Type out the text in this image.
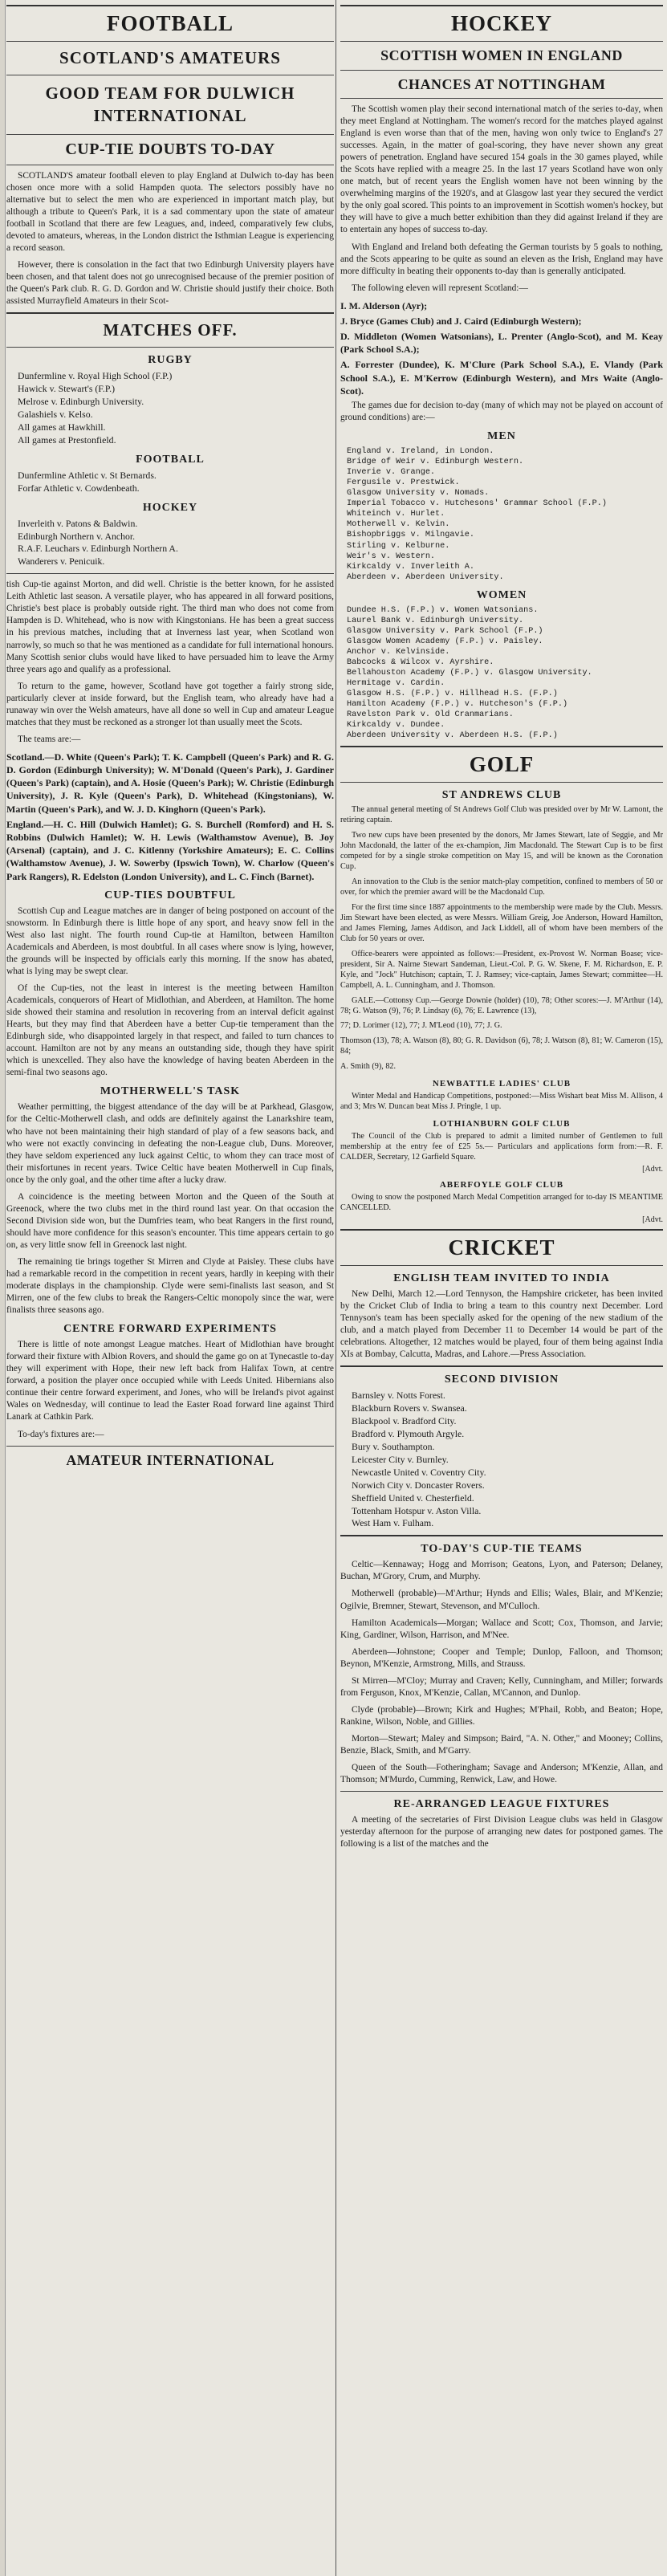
FOOTBALL
SCOTLAND'S AMATEURS
GOOD TEAM FOR DULWICH INTERNATIONAL
CUP-TIE DOUBTS TO-DAY

SCOTLAND'S amateur football eleven to play England at Dulwich to-day has been chosen once more with a solid Hampden quota. The selectors possibly have no alternative but to select the men who are experienced in important match play, but although a tribute to Queen's Park, it is a sad commentary upon the state of amateur football in Scotland that there are few Leagues, and, indeed, comparatively few clubs, devoted to amateurs, whereas, in the London district the Isthmian League is experiencing a record season.

However, there is consolation in the fact that two Edinburgh University players have been chosen, and that talent does not go unrecognised because of the premier position of the Queen's Park club. R. G. D. Gordon and W. Christie should justify their choice. Both assisted Murrayfield Amateurs in their Scot-

MATCHES OFF.
RUGBY
Dunfermline v. Royal High School (F.P.)
Hawick v. Stewart's (F.P.)
Melrose v. Edinburgh University.
Galashiels v. Kelso.
All games at Hawkhill.
All games at Prestonfield.
FOOTBALL
Dunfermline Athletic v. St Bernards.
Forfar Athletic v. Cowdenbeath.
HOCKEY
Inverleith v. Patons & Baldwin.
Edinburgh Northern v. Anchor.
R.A.F. Leuchars v. Edinburgh Northern A.
Wanderers v. Penicuik.

tish Cup-tie against Morton, and did well. Christie is the better known, for he assisted Leith Athletic last season. A versatile player, who has appeared in all forward positions, Christie's best place is probably outside right. The third man who does not come from Hampden is D. Whitehead, who is now with Kingstonians. He has been a great success in his previous matches, including that at Inverness last year, when Scotland won narrowly, so much so that he was mentioned as a candidate for full international honours. Many Scottish senior clubs would have liked to have persuaded him to leave the Army three years ago and qualify as a professional.

To return to the game, however, Scotland have got together a fairly strong side, particularly clever at inside forward, but the English team, who already have had a runaway win over the Welsh amateurs, have all done so well in Cup and amateur League matches that they must be reckoned as a stronger lot than usually meet the Scots.

The teams are:—

Scotland.—D. White (Queen's Park); T. K. Campbell (Queen's Park) and R. G. D. Gordon (Edinburgh University); W. M'Donald (Queen's Park), J. Gardiner (Queen's Park) (captain), and A. Hosie (Queen's Park); W. Christie (Edinburgh University), J. R. Kyle (Queen's Park), D. Whitehead (Kingstonians), W. Martin (Queen's Park), and W. J. D. Kinghorn (Queen's Park).
England.—H. C. Hill (Dulwich Hamlet); G. S. Burchell (Romford) and H. S. Robbins (Dulwich Hamlet); W. H. Lewis (Walthamstow Avenue), B. Joy (Arsenal) (captain), and J. C. Kitlenny (Yorkshire Amateurs); E. C. Collins (Walthamstow Avenue), J. W. Sowerby (Ipswich Town), W. Charlow (Queen's Park Rangers), R. Edelston (London University), and L. C. Finch (Barnet).
CUP-TIES DOUBTFUL

Scottish Cup and League matches are in danger of being postponed on account of the snowstorm. In Edinburgh there is little hope of any sport, and heavy snow fell in the West also last night. The fourth round Cup-tie at Hamilton, between Hamilton Academicals and Aberdeen, is most doubtful. In all cases where snow is lying, however, the grounds will be inspected by officials early this morning. If the snow has abated, what is lying may be swept clear.

Of the Cup-ties, not the least in interest is the meeting between Hamilton Academicals, conquerors of Heart of Midlothian, and Aberdeen, at Hamilton. The home side showed their stamina and resolution in recovering from an interval deficit against Hearts, but they may find that Aberdeen have a better Cup-tie temperament than the Edinburgh side, who disappointed largely in that respect, and failed to turn chances to account. Hamilton are not by any means an outstanding side, though they have spirit which is unexcelled. They also have the knowledge of having beaten Aberdeen in the semi-final two seasons ago.

MOTHERWELL'S TASK

Weather permitting, the biggest attendance of the day will be at Parkhead, Glasgow, for the Celtic-Motherwell clash, and odds are definitely against the Lanarkshire team, who have not been maintaining their high standard of play of a few seasons back, and who were not exactly convincing in defeating the non-League club, Duns. Moreover, they have seldom experienced any luck against Celtic, to whom they can trace most of their misfortunes in recent years. Twice Celtic have beaten Motherwell in Cup finals, once by the only goal, and the other time after a lucky draw.

A coincidence is the meeting between Morton and the Queen of the South at Greenock, where the two clubs met in the third round last year. On that occasion the Second Division side won, but the Dumfries team, who beat Rangers in the first round, should have more confidence for this season's encounter. This time appears certain to go on, as very little snow fell in Greenock last night.

The remaining tie brings together St Mirren and Clyde at Paisley. These clubs have had a remarkable record in the competition in recent years, hardly in keeping with their moderate displays in the championship. Clyde were semi-finalists last season, and St Mirren, one of the few clubs to break the Rangers-Celtic monopoly since the war, were finalists three seasons ago.

CENTRE FORWARD EXPERIMENTS

There is little of note amongst League matches. Heart of Midlothian have brought forward their fixture with Albion Rovers, and should the game go on at Tynecastle to-day they will experiment with Hope, their new left back from Halifax Town, at centre forward, a position the player once occupied while with Leeds United. Hibernians also continue their centre forward experiment, and Jones, who will be Ireland's pivot against Wales on Wednesday, will continue to lead the Easter Road forward line against Third Lanark at Cathkin Park.

To-day's fixtures are:—

AMATEUR INTERNATIONAL
HOCKEY
SCOTTISH WOMEN IN ENGLAND
CHANCES AT NOTTINGHAM

The Scottish women play their second international match of the series to-day, when they meet England at Nottingham. The women's record for the matches played against England is even worse than that of the men, having won only twice to England's 27 successes. Again, in the matter of goal-scoring, they have never shown any great powers of penetration. England have secured 154 goals in the 30 games played, while the Scots have replied with a meagre 25. In the last 17 years Scotland have won only one match, but of recent years the English women have not been winning by the overwhelming margins of the 1920's, and at Glasgow last year they secured the verdict by the only goal scored. This points to an improvement in Scottish women's hockey, but they will have to give a much better exhibition than they did against Ireland if they are to entertain any hopes of success to-day.

With England and Ireland both defeating the German tourists by 5 goals to nothing, and the Scots appearing to be quite as sound an eleven as the Irish, England may have more difficulty in beating their opponents to-day than is generally anticipated.

The following eleven will represent Scotland:—

I. M. Alderson (Ayr);
J. Bryce (Games Club) and J. Caird (Edinburgh Western);
D. Middleton (Women Watsonians), L. Prenter (Anglo-Scot), and M. Keay (Park School S.A.);
A. Forrester (Dundee), K. M'Clure (Park School S.A.), E. Vlandy (Park School S.A.), E. M'Kerrow (Edinburgh Western), and Mrs Waite (Anglo-Scot).

The games due for decision to-day (many of which may not be played on account of ground conditions) are:—

MEN
England v. Ireland, in London.
Bridge of Weir v. Edinburgh Western.
Inverie v. Grange.
Fergusile v. Prestwick.
Glasgow University v. Nomads.
Imperial Tobacco v. Hutchesons' Grammar School (F.P.)
Whiteinch v. Hurlet.
Motherwell v. Kelvin.
Bishopbriggs v. Milngavie.
Stirling v. Kelburne.
Weir's v. Western.
Kirkcaldy v. Inverleith A.
Aberdeen v. Aberdeen University.
WOMEN
Dundee H.S. (F.P.) v. Women Watsonians.
Laurel Bank v. Edinburgh University.
Glasgow University v. Park School (F.P.)
Glasgow Women Academy (F.P.) v. Paisley.
Anchor v. Kelvinside.
Babcocks & Wilcox v. Ayrshire.
Bellahouston Academy (F.P.) v. Glasgow University.
Hermitage v. Cardin.
Glasgow H.S. (F.P.) v. Hillhead H.S. (F.P.)
Hamilton Academy (F.P.) v. Hutcheson's (F.P.)
Ravelston Park v. Old Cranmarians.
Kirkcaldy v. Dundee.
Aberdeen University v. Aberdeen H.S. (F.P.)
GOLF
ST ANDREWS CLUB

The annual general meeting of St Andrews Golf Club was presided over by Mr W. Lamont, the retiring captain.

Two new cups have been presented by the donors, Mr James Stewart, late of Seggie, and Mr John Macdonald, the latter of the ex-champion, Jim Macdonald. The Stewart Cup is to be first competed for by a single stroke competition on May 15, and will be known as the Coronation Cup.

An innovation to the Club is the senior match-play competition, confined to members of 50 or over, for which the premier award will be the Macdonald Cup.

For the first time since 1887 appointments to the membership were made by the Club. Messrs. Jim Stewart have been elected, as were Messrs. William Greig, Joe Anderson, Howard Hamilton, and James Fleming, James Addison, and Jack Liddell, all of whom have been members of the Club for 50 years or over.

Office-bearers were appointed as follows:—President, ex-Provost W. Norman Boase; vice-president, Sir A. Nairne Stewart Sandeman, Lieut.-Col. P. G. W. Skene, F. M. Richardson, E. P. Kyle, and "Jock" Hutchison; captain, T. J. Ramsey; vice-captain, James Stewart; committee—H. Campbell, A. L. Cunningham, and J. Thomson.

GALE.—Cottonsy Cup.—George Downie (holder) (10), 78; Other scores:—J. M'Arthur (14), 78; G. Watson (9), 76; P. Lindsay (6), 76; E. Lawrence (13),

77; D. Lorimer (12), 77; J. M'Leod (10), 77; J. G.

Thomson (13), 78; A. Watson (8), 80; G. R. Davidson (6), 78; J. Watson (8), 81; W. Cameron (15), 84;

A. Smith (9), 82.

NEWBATTLE LADIES' CLUB

Winter Medal and Handicap Competitions, postponed:—Miss Wishart beat Miss M. Allison, 4 and 3; Mrs W. Duncan beat Miss J. Pringle, 1 up.

LOTHIANBURN GOLF CLUB

The Council of the Club is prepared to admit a limited number of Gentlemen to full membership at the entry fee of £25 5s.— Particulars and applications form from:—R. F. CALDER, Secretary, 12 Garfield Square.

[Advt.
ABERFOYLE GOLF CLUB

Owing to snow the postponed March Medal Competition arranged for to-day IS MEANTIME CANCELLED.

[Advt.
CRICKET
ENGLISH TEAM INVITED TO INDIA

New Delhi, March 12.—Lord Tennyson, the Hampshire cricketer, has been invited by the Cricket Club of India to bring a team to this country next December. Lord Tennyson's team has been specially asked for the opening of the new stadium of the club, and a match played from December 11 to December 14 would be part of the celebrations. Altogether, 12 matches would be played, four of them being against India XIs at Bombay, Calcutta, Madras, and Lahore.—Press Association.

SECOND DIVISION
Barnsley v. Notts Forest.
Blackburn Rovers v. Swansea.
Blackpool v. Bradford City.
Bradford v. Plymouth Argyle.
Bury v. Southampton.
Leicester City v. Burnley.
Newcastle United v. Coventry City.
Norwich City v. Doncaster Rovers.
Sheffield United v. Chesterfield.
Tottenham Hotspur v. Aston Villa.
West Ham v. Fulham.
TO-DAY'S CUP-TIE TEAMS

Celtic—Kennaway; Hogg and Morrison; Geatons, Lyon, and Paterson; Delaney, Buchan, M'Grory, Crum, and Murphy.

Motherwell (probable)—M'Arthur; Hynds and Ellis; Wales, Blair, and M'Kenzie; Ogilvie, Bremner, Stewart, Stevenson, and M'Culloch.

Hamilton Academicals—Morgan; Wallace and Scott; Cox, Thomson, and Jarvie; King, Gardiner, Wilson, Harrison, and M'Nee.

Aberdeen—Johnstone; Cooper and Temple; Dunlop, Falloon, and Thomson; Beynon, M'Kenzie, Armstrong, Mills, and Strauss.

St Mirren—M'Cloy; Murray and Craven; Kelly, Cunningham, and Miller; forwards from Ferguson, Knox, M'Kenzie, Callan, M'Cannon, and Dunlop.

Clyde (probable)—Brown; Kirk and Hughes; M'Phail, Robb, and Beaton; Hope, Rankine, Wilson, Noble, and Gillies.

Morton—Stewart; Maley and Simpson; Baird, "A. N. Other," and Mooney; Collins, Benzie, Black, Smith, and M'Garry.

Queen of the South—Fotheringham; Savage and Anderson; M'Kenzie, Allan, and Thomson; M'Murdo, Cumming, Renwick, Law, and Howe.

RE-ARRANGED LEAGUE FIXTURES

A meeting of the secretaries of First Division League clubs was held in Glasgow yesterday afternoon for the purpose of arranging new dates for postponed games. The following is a list of the matches and the
